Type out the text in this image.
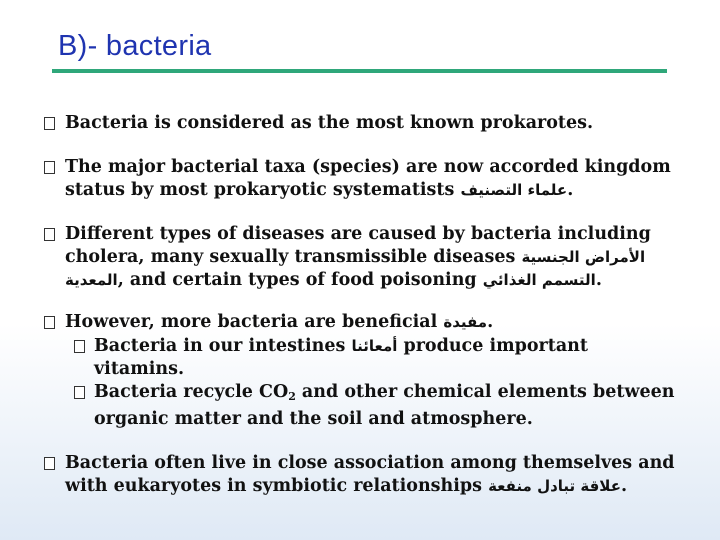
B)- bacteria
Bacteria is considered as the most known prokarotes.
The major bacterial taxa (species) are now accorded kingdom status by most prokaryotic systematists علماء التصنيف.
Different types of diseases are caused by bacteria including cholera, many sexually transmissible diseases الأمراض الجنسية المعدية, and certain types of food poisoning التسمم الغذائي.
However, more bacteria are beneficial مفيدة.
Bacteria in our intestines أمعائنا produce important vitamins.
Bacteria recycle $CO_2$ and other chemical elements between organic matter and the soil and atmosphere.
Bacteria often live in close association among themselves and with eukaryotes in symbiotic relationships علاقة تبادل منفعة.
